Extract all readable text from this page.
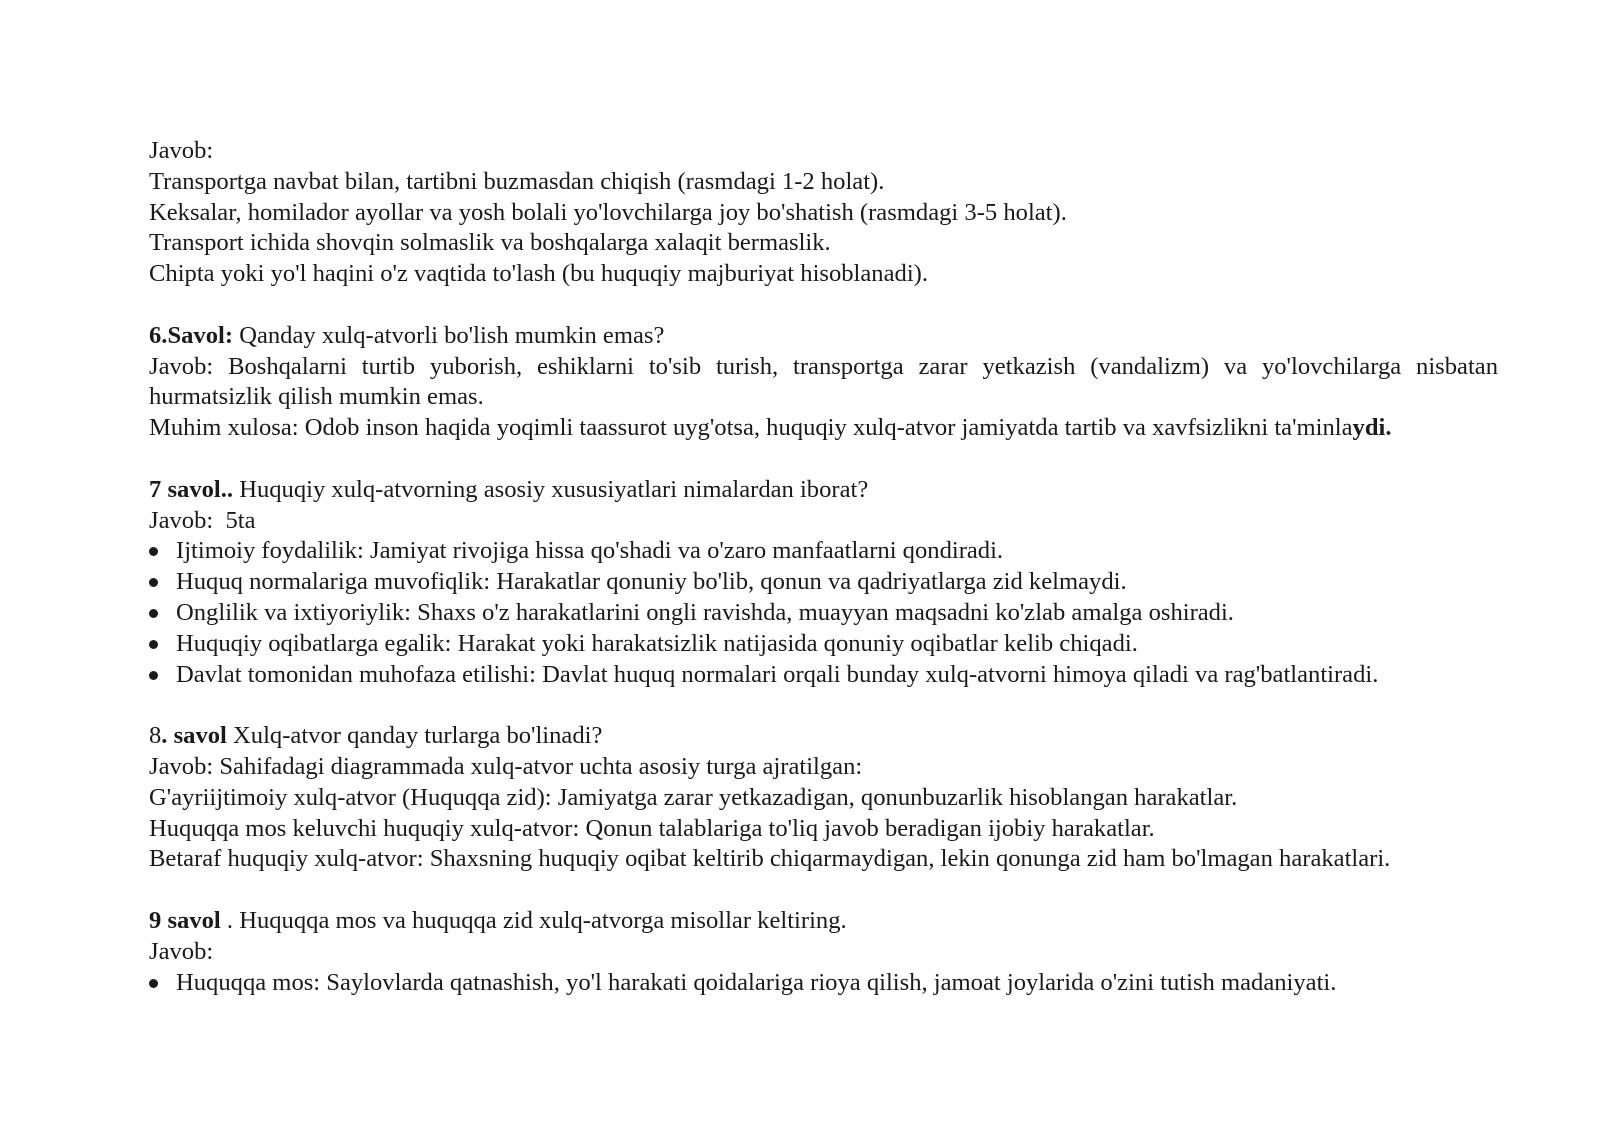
Javob:
Transportga navbat bilan, tartibni buzmasdan chiqish (rasmdagi 1-2 holat).
Keksalar, homilador ayollar va yosh bolali yo'lovchilarga joy bo'shatish (rasmdagi 3-5 holat).
Transport ichida shovqin solmaslik va boshqalarga xalaqit bermaslik.
Chipta yoki yo'l haqini o'z vaqtida to'lash (bu huquqiy majburiyat hisoblanadi).
6.Savol: Qanday xulq-atvorli bo'lish mumkin emas?
Javob: Boshqalarni turtib yuborish, eshiklarni to'sib turish, transportga zarar yetkazish (vandalizm) va yo'lovchilarga nisbatan hurmatsizlik qilish mumkin emas.
Muhim xulosa: Odob inson haqida yoqimli taassurot uyg'otsa, huquqiy xulq-atvor jamiyatda tartib va xavfsizlikni ta'minlaydi.
7 savol.. Huquqiy xulq-atvorning asosiy xususiyatlari nimalardan iborat?
Javob:  5ta
Ijtimoiy foydalilik: Jamiyat rivojiga hissa qo'shadi va o'zaro manfaatlarni qondiradi.
Huquq normalariga muvofiqlik: Harakatlar qonuniy bo'lib, qonun va qadriyatlarga zid kelmaydi.
Onglilik va ixtiyoriylik: Shaxs o'z harakatlarini ongli ravishda, muayyan maqsadni ko'zlab amalga oshiradi.
Huquqiy oqibatlarga egalik: Harakat yoki harakatsizlik natijasida qonuniy oqibatlar kelib chiqadi.
Davlat tomonidan muhofaza etilishi: Davlat huquq normalari orqali bunday xulq-atvorni himoya qiladi va rag'batlantiradi.
8. savol Xulq-atvor qanday turlarga bo'linadi?
Javob: Sahifadagi diagrammada xulq-atvor uchta asosiy turga ajratilgan:
G'ayriijtimoiy xulq-atvor (Huquqqa zid): Jamiyatga zarar yetkazadigan, qonunbuzarlik hisoblangan harakatlar.
Huquqqa mos keluvchi huquqiy xulq-atvor: Qonun talablariga to'liq javob beradigan ijobiy harakatlar.
Betaraf huquqiy xulq-atvor: Shaxsning huquqiy oqibat keltirib chiqarmaydigan, lekin qonunga zid ham bo'lmagan harakatlari.
9 savol . Huquqqa mos va huquqqa zid xulq-atvorga misollar keltiring.
Javob:
Huquqqa mos: Saylovlarda qatnashish, yo'l harakati qoidalariga rioya qilish, jamoat joylarida o'zini tutish madaniyati.
